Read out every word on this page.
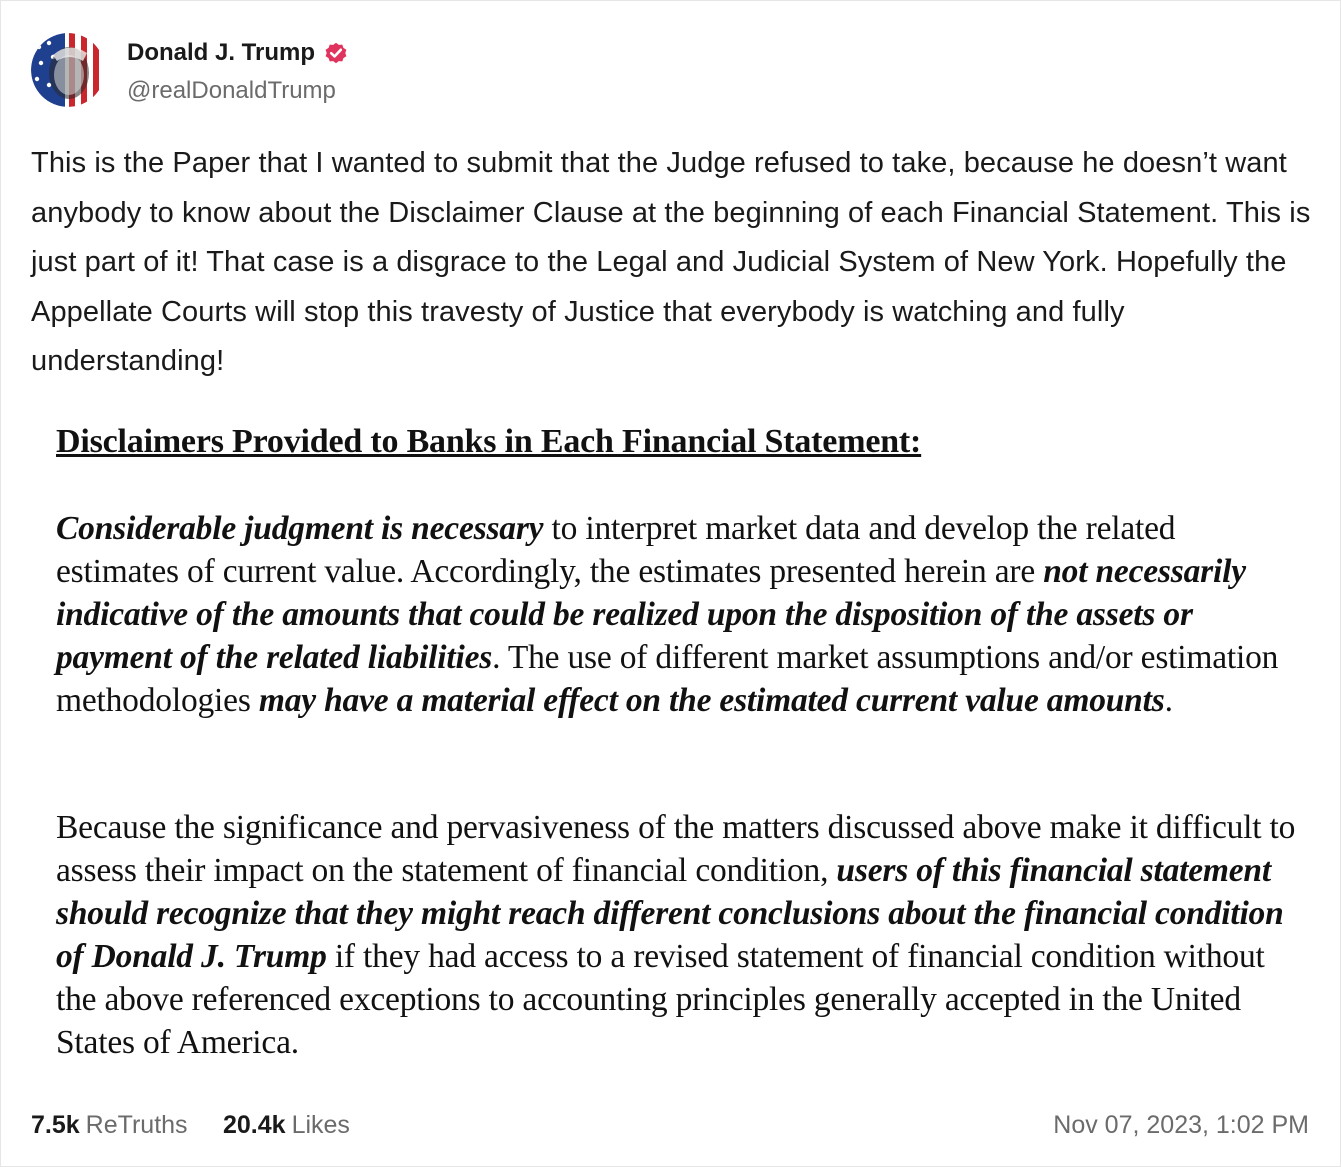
Donald J. Trump
@realDonaldTrump
This is the Paper that I wanted to submit that the Judge refused to take, because he doesn’t want anybody to know about the Disclaimer Clause at the beginning of each Financial Statement. This is just part of it! That case is a disgrace to the Legal and Judicial System of New York. Hopefully the Appellate Courts will stop this travesty of Justice that everybody is watching and fully understanding!
Disclaimers Provided to Banks in Each Financial Statement:
Considerable judgment is necessary to interpret market data and develop the related estimates of current value. Accordingly, the estimates presented herein are not necessarily indicative of the amounts that could be realized upon the disposition of the assets or payment of the related liabilities. The use of different market assumptions and/or estimation methodologies may have a material effect on the estimated current value amounts.
Because the significance and pervasiveness of the matters discussed above make it difficult to assess their impact on the statement of financial condition, users of this financial statement should recognize that they might reach different conclusions about the financial condition of Donald J. Trump if they had access to a revised statement of financial condition without the above referenced exceptions to accounting principles generally accepted in the United States of America.
7.5k ReTruths 20.4k Likes	Nov 07, 2023, 1:02 PM
